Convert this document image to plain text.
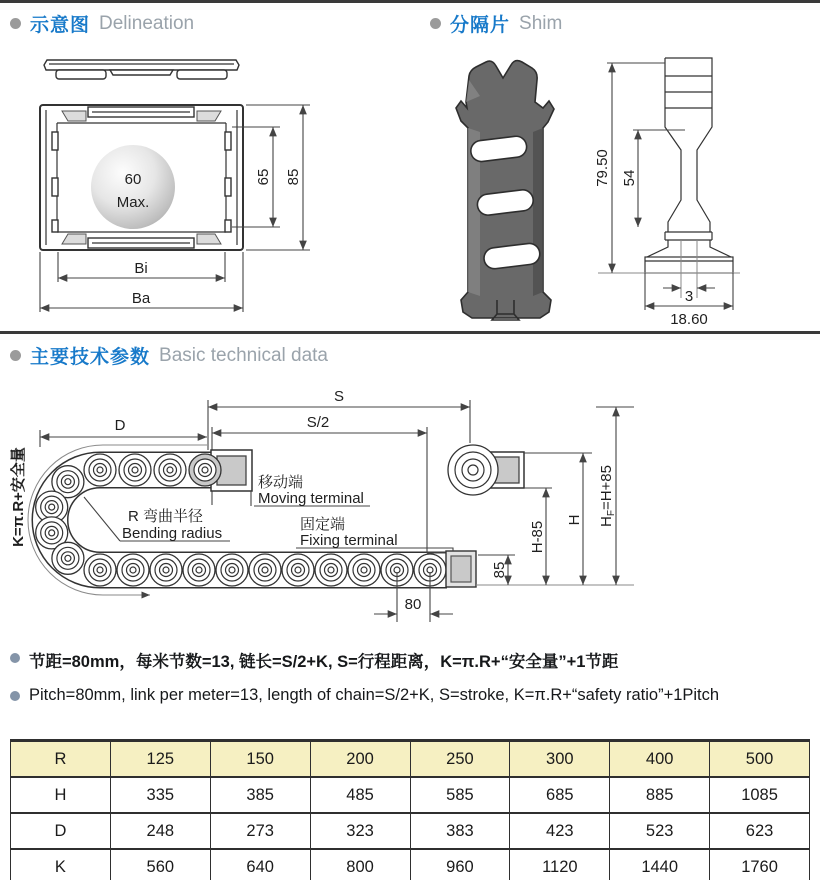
示意图 Delineation	分隔片 Shim
60
Max.
65 85
Bi
Ba
79.50 54
3
18.60
主要技术参数 Basic technical data
S
S/2
D
K=π.R+安全量	移动端
Moving terminal
固定端
Fixing terminal
R 弯曲半径
Bending radius
80
85
H-85
H $H_F=H+85$
节距=80mm，每米节数=13, 链长=S/2+K, S=行程距离，K=π.R+“安全量”+1节距
Pitch=80mm, link per meter=13, length of chain=S/2+K, S=stroke, K=π.R+“safety ratio”+1Pitch
R	125	150	200	250	300	400	500
H	335	385	485	585	685	885	1085
D	248	273	323	383	423	523	623
K	560	640	800	960	1120	1440	1760
